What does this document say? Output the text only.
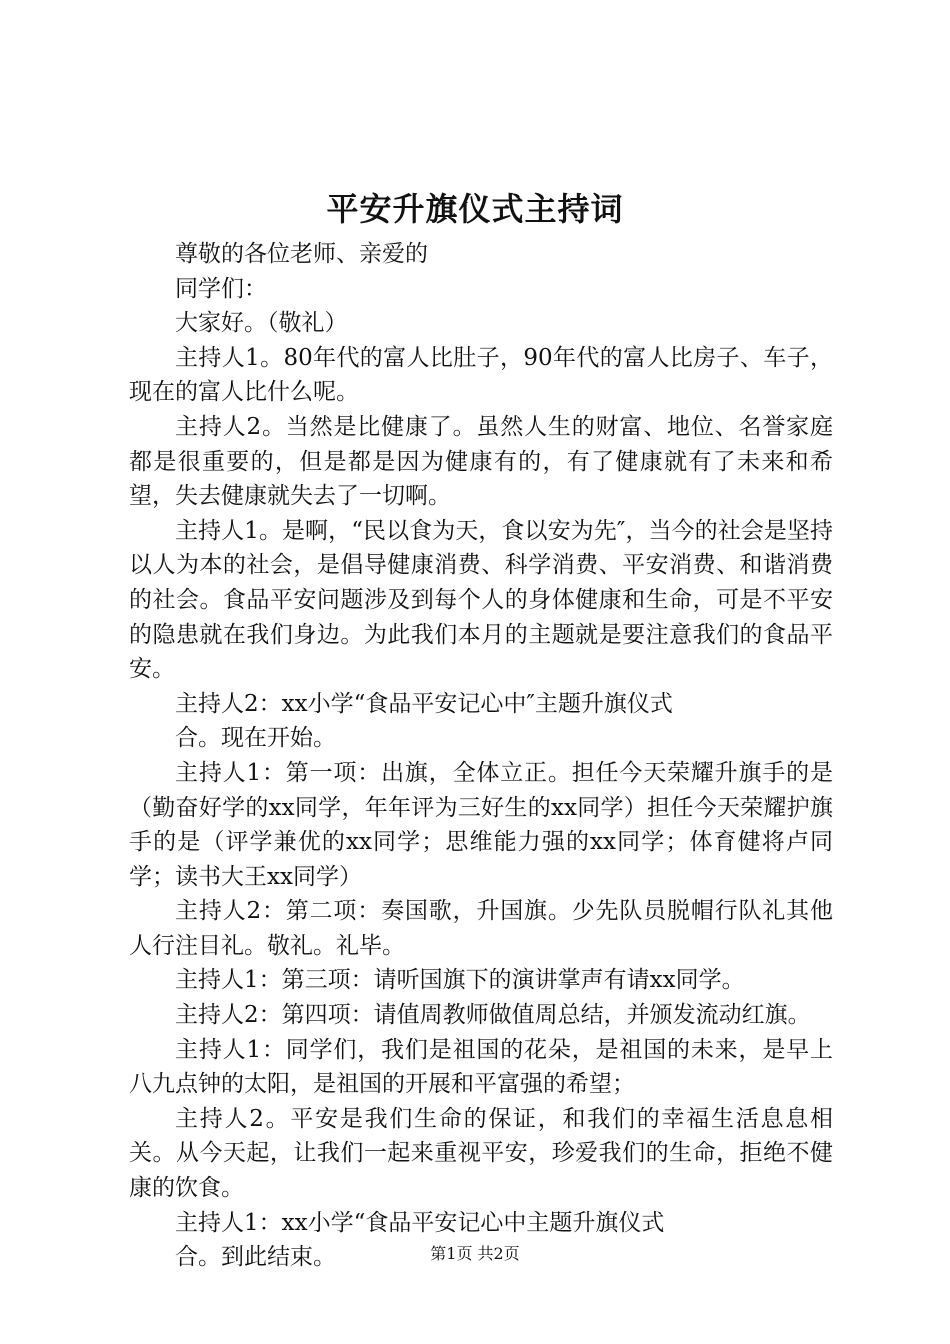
平安升旗仪式主持词

尊敬的各位老师、亲爱的

同学们：

大家好。（敬礼）

主持人1。80年代的富人比肚子，90年代的富人比房子、车子，现在的富人比什么呢。

主持人2。当然是比健康了。虽然人生的财富、地位、名誉家庭都是很重要的，但是都是因为健康有的，有了健康就有了未来和希望，失去健康就失去了一切啊。

主持人1。是啊，“民以食为天，食以安为先″，当今的社会是坚持以人为本的社会，是倡导健康消费、科学消费、平安消费、和谐消费的社会。食品平安问题涉及到每个人的身体健康和生命，可是不平安的隐患就在我们身边。为此我们本月的主题就是要注意我们的食品平安。

主持人2：xx小学“食品平安记心中″主题升旗仪式

合。现在开始。

主持人1：第一项：出旗，全体立正。担任今天荣耀升旗手的是（勤奋好学的xx同学，年年评为三好生的xx同学）担任今天荣耀护旗手的是（评学兼优的xx同学；思维能力强的xx同学；体育健将卢同学；读书大王xx同学）

主持人2：第二项：奏国歌，升国旗。少先队员脱帽行队礼其他人行注目礼。敬礼。礼毕。

主持人1：第三项：请听国旗下的演讲掌声有请xx同学。

主持人2：第四项：请值周教师做值周总结，并颁发流动红旗。

主持人1：同学们，我们是祖国的花朵，是祖国的未来，是早上八九点钟的太阳，是祖国的开展和平富强的希望；

主持人2。平安是我们生命的保证，和我们的幸福生活息息相关。从今天起，让我们一起来重视平安，珍爱我们的生命，拒绝不健康的饮食。

主持人1：xx小学“食品平安记心中主题升旗仪式

合。到此结束。	第1页 共2页
